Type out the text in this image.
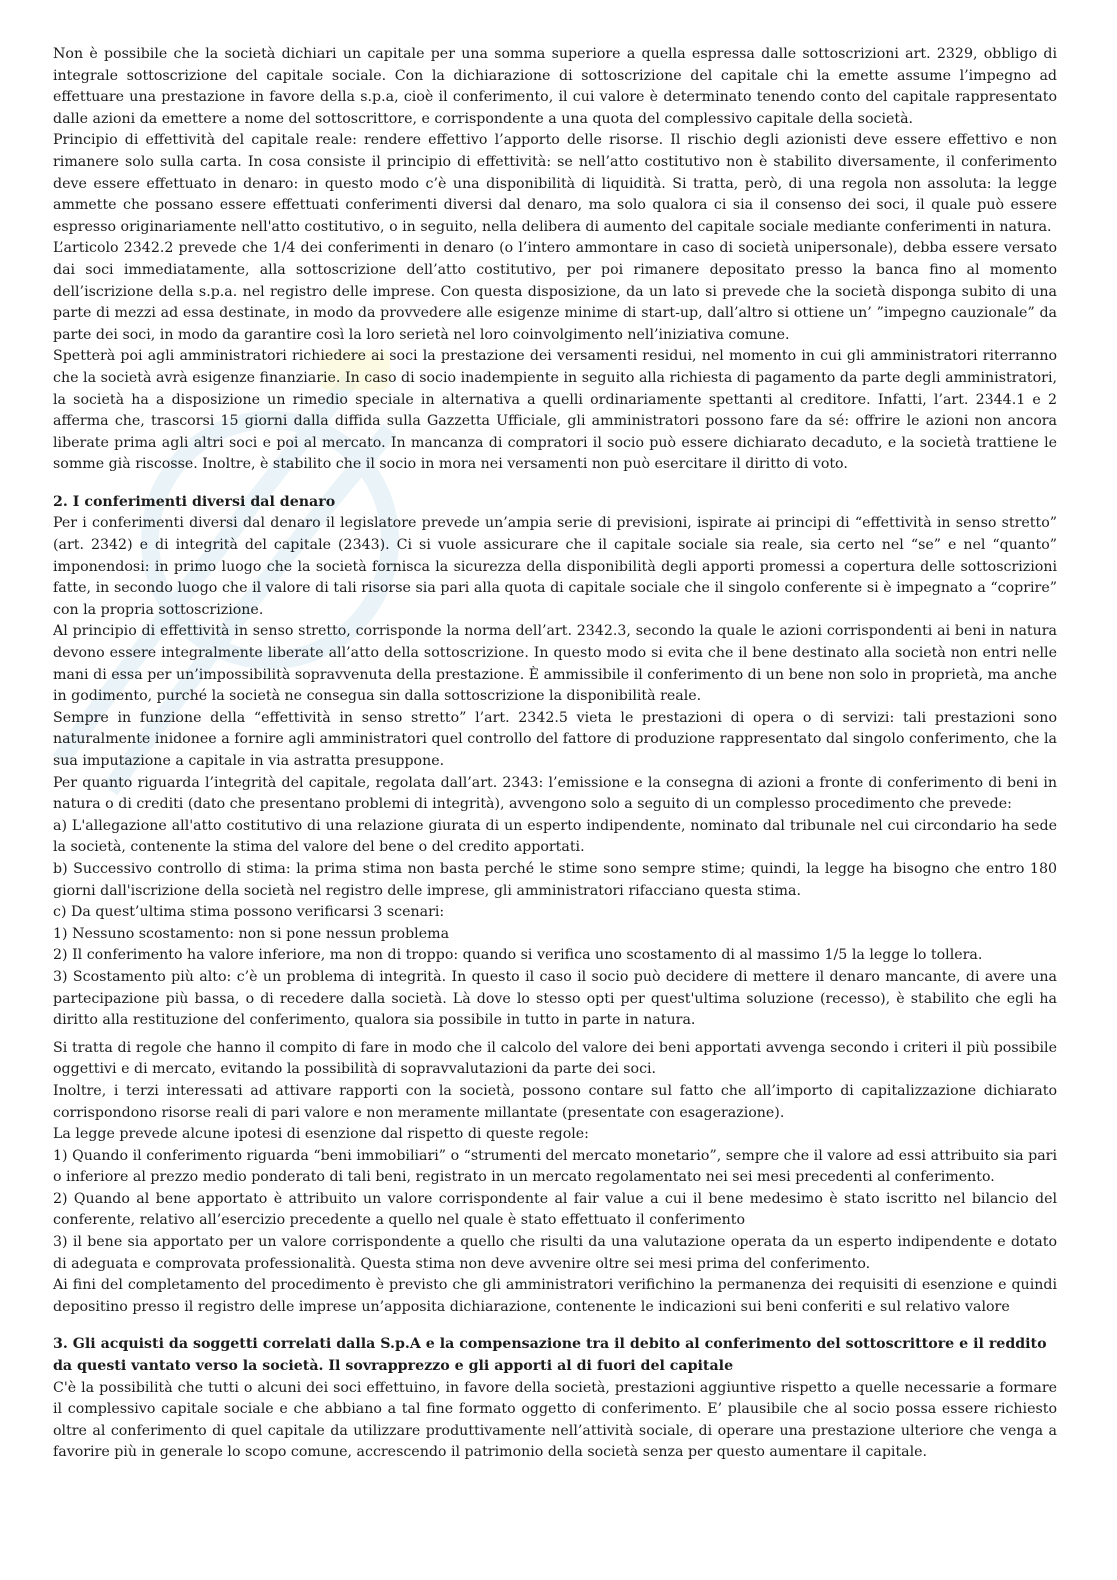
Non è possibile che la società dichiari un capitale per una somma superiore a quella espressa dalle sottoscrizioni art. 2329, obbligo di integrale sottoscrizione del capitale sociale. Con la dichiarazione di sottoscrizione del capitale chi la emette assume l’impegno ad effettuare una prestazione in favore della s.p.a, cioè il conferimento, il cui valore è determinato tenendo conto del capitale rappresentato dalle azioni da emettere a nome del sottoscrittore, e corrispondente a una quota del complessivo capitale della società.

Principio di effettività del capitale reale: rendere effettivo l’apporto delle risorse. Il rischio degli azionisti deve essere effettivo e non rimanere solo sulla carta. In cosa consiste il principio di effettività: se nell’atto costitutivo non è stabilito diversamente, il conferimento deve essere effettuato in denaro: in questo modo c’è una disponibilità di liquidità. Si tratta, però, di una regola non assoluta: la legge ammette che possano essere effettuati conferimenti diversi dal denaro, ma solo qualora ci sia il consenso dei soci, il quale può essere espresso originariamente nell'atto costitutivo, o in seguito, nella delibera di aumento del capitale sociale mediante conferimenti in natura.

L’articolo 2342.2 prevede che 1/4 dei conferimenti in denaro (o l’intero ammontare in caso di società unipersonale), debba essere versato dai soci immediatamente, alla sottoscrizione dell’atto costitutivo, per poi rimanere depositato presso la banca fino al momento dell’iscrizione della s.p.a. nel registro delle imprese. Con questa disposizione, da un lato si prevede che la società disponga subito di una parte di mezzi ad essa destinate, in modo da provvedere alle esigenze minime di start-up, dall’altro si ottiene un’ ”impegno cauzionale” da parte dei soci, in modo da garantire così la loro serietà nel loro coinvolgimento nell’iniziativa comune.

Spetterà poi agli amministratori richiedere ai soci la prestazione dei versamenti residui, nel momento in cui gli amministratori riterranno che la società avrà esigenze finanziarie. In caso di socio inadempiente in seguito alla richiesta di pagamento da parte degli amministratori, la società ha a disposizione un rimedio speciale in alternativa a quelli ordinariamente spettanti al creditore. Infatti, l’art. 2344.1 e 2 afferma che, trascorsi 15 giorni dalla diffida sulla Gazzetta Ufficiale, gli amministratori possono fare da sé: offrire le azioni non ancora liberate prima agli altri soci e poi al mercato. In mancanza di compratori il socio può essere dichiarato decaduto, e la società trattiene le somme già riscosse. Inoltre, è stabilito che il socio in mora nei versamenti non può esercitare il diritto di voto.

2. I conferimenti diversi dal denaro

Per i conferimenti diversi dal denaro il legislatore prevede un’ampia serie di previsioni, ispirate ai principi di “effettività in senso stretto” (art. 2342) e di integrità del capitale (2343). Ci si vuole assicurare che il capitale sociale sia reale, sia certo nel “se” e nel “quanto” imponendosi: in primo luogo che la società fornisca la sicurezza della disponibilità degli apporti promessi a copertura delle sottoscrizioni fatte, in secondo luogo che il valore di tali risorse sia pari alla quota di capitale sociale che il singolo conferente si è impegnato a “coprire” con la propria sottoscrizione.

Al principio di effettività in senso stretto, corrisponde la norma dell’art. 2342.3, secondo la quale le azioni corrispondenti ai beni in natura devono essere integralmente liberate all’atto della sottoscrizione. In questo modo si evita che il bene destinato alla società non entri nelle mani di essa per un’impossibilità sopravvenuta della prestazione. È ammissibile il conferimento di un bene non solo in proprietà, ma anche in godimento, purché la società ne consegua sin dalla sottoscrizione la disponibilità reale.

Sempre in funzione della “effettività in senso stretto” l’art. 2342.5 vieta le prestazioni di opera o di servizi: tali prestazioni sono naturalmente inidonee a fornire agli amministratori quel controllo del fattore di produzione rappresentato dal singolo conferimento, che la sua imputazione a capitale in via astratta presuppone.

Per quanto riguarda l’integrità del capitale, regolata dall’art. 2343: l’emissione e la consegna di azioni a fronte di conferimento di beni in natura o di crediti (dato che presentano problemi di integrità), avvengono solo a seguito di un complesso procedimento che prevede:

a) L'allegazione all'atto costitutivo di una relazione giurata di un esperto indipendente, nominato dal tribunale nel cui circondario ha sede la società, contenente la stima del valore del bene o del credito apportati.

b) Successivo controllo di stima: la prima stima non basta perché le stime sono sempre stime; quindi, la legge ha bisogno che entro 180 giorni dall'iscrizione della società nel registro delle imprese, gli amministratori rifacciano questa stima.

c) Da quest’ultima stima possono verificarsi 3 scenari:

1) Nessuno scostamento: non si pone nessun problema

2) Il conferimento ha valore inferiore, ma non di troppo: quando si verifica uno scostamento di al massimo 1/5 la legge lo tollera.

3) Scostamento più alto: c’è un problema di integrità. In questo il caso il socio può decidere di mettere il denaro mancante, di avere una partecipazione più bassa, o di recedere dalla società. Là dove lo stesso opti per quest'ultima soluzione (recesso), è stabilito che egli ha diritto alla restituzione del conferimento, qualora sia possibile in tutto in parte in natura.

Si tratta di regole che hanno il compito di fare in modo che il calcolo del valore dei beni apportati avvenga secondo i criteri il più possibile oggettivi e di mercato, evitando la possibilità di sopravvalutazioni da parte dei soci.

Inoltre, i terzi interessati ad attivare rapporti con la società, possono contare sul fatto che all’importo di capitalizzazione dichiarato corrispondono risorse reali di pari valore e non meramente millantate (presentate con esagerazione).

La legge prevede alcune ipotesi di esenzione dal rispetto di queste regole:

1) Quando il conferimento riguarda “beni immobiliari” o “strumenti del mercato monetario”, sempre che il valore ad essi attribuito sia pari o inferiore al prezzo medio ponderato di tali beni, registrato in un mercato regolamentato nei sei mesi precedenti al conferimento.

2) Quando al bene apportato è attribuito un valore corrispondente al fair value a cui il bene medesimo è stato iscritto nel bilancio del conferente, relativo all’esercizio precedente a quello nel quale è stato effettuato il conferimento

3) il bene sia apportato per un valore corrispondente a quello che risulti da una valutazione operata da un esperto indipendente e dotato di adeguata e comprovata professionalità. Questa stima non deve avvenire oltre sei mesi prima del conferimento.

Ai fini del completamento del procedimento è previsto che gli amministratori verifichino la permanenza dei requisiti di esenzione e quindi depositino presso il registro delle imprese un’apposita dichiarazione, contenente le indicazioni sui beni conferiti e sul relativo valore

3. Gli acquisti da soggetti correlati dalla S.p.A e la compensazione tra il debito al conferimento del sottoscrittore e il reddito da questi vantato verso la società. Il sovrapprezzo e gli apporti al di fuori del capitale

C'è la possibilità che tutti o alcuni dei soci effettuino, in favore della società, prestazioni aggiuntive rispetto a quelle necessarie a formare il complessivo capitale sociale e che abbiano a tal fine formato oggetto di conferimento. E’ plausibile che al socio possa essere richiesto oltre al conferimento di quel capitale da utilizzare produttivamente nell’attività sociale, di operare una prestazione ulteriore che venga a favorire più in generale lo scopo comune, accrescendo il patrimonio della società senza per questo aumentare il capitale.
